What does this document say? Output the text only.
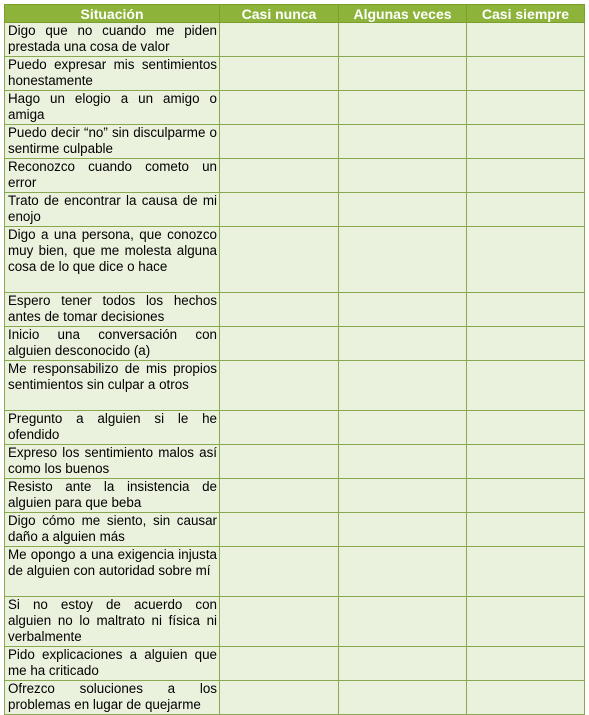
Situación	Casi nunca	Algunas veces	Casi siempre
Digo que no cuando me piden prestada una cosa de valor			
Puedo expresar mis sentimientos honestamente			
Hago un elogio a un amigo o amiga			
Puedo decir “no” sin disculparme o sentirme culpable			
Reconozco cuando cometo un error			
Trato de encontrar la causa de mi enojo			
Digo a una persona, que conozco muy bien, que me molesta alguna cosa de lo que dice o hace			
Espero tener todos los hechos antes de tomar decisiones			
Inicio una conversación con alguien desconocido (a)			
Me responsabilizo de mis propios sentimientos sin culpar a otros			
Pregunto a alguien si le he ofendido			
Expreso los sentimiento malos así como los buenos			
Resisto ante la insistencia de alguien para que beba			
Digo cómo me siento, sin causar daño a alguien más			
Me opongo a una exigencia injusta de alguien con autoridad sobre mí			
Si no estoy de acuerdo con alguien no lo maltrato ni física ni verbalmente			
Pido explicaciones a alguien que me ha criticado			
Ofrezco soluciones a los problemas en lugar de quejarme			
